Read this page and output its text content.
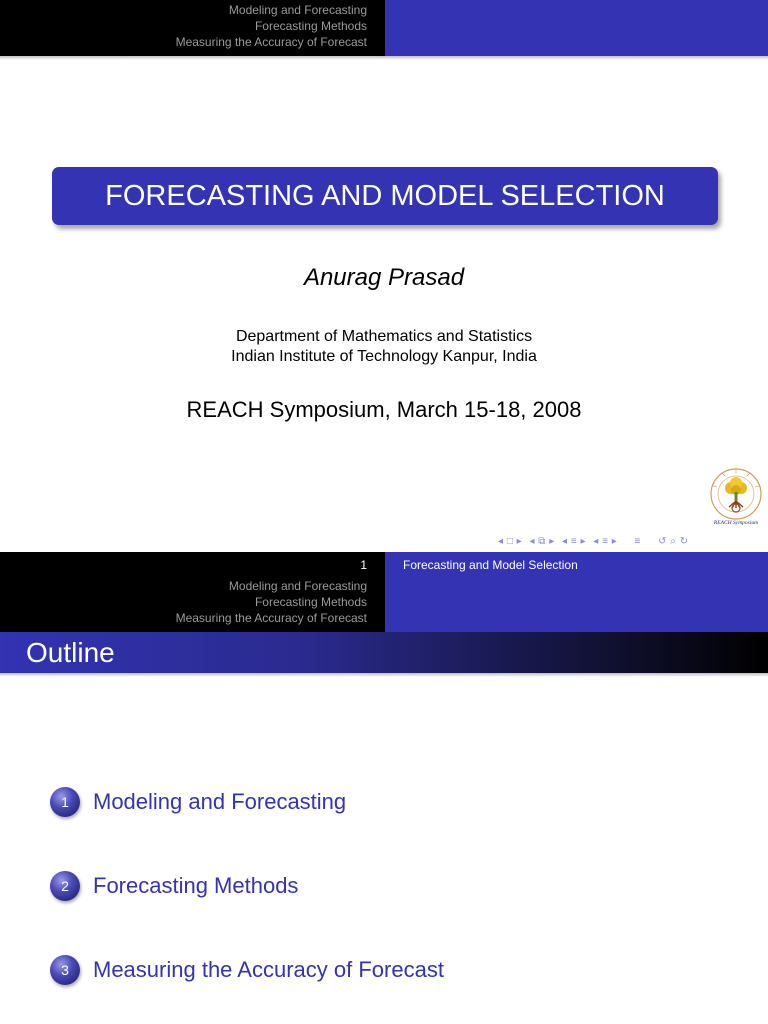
Modeling and Forecasting
Forecasting Methods
Measuring the Accuracy of Forecast
FORECASTING AND MODEL SELECTION
Anurag Prasad
Department of Mathematics and Statistics
Indian Institute of Technology Kanpur, India
REACH Symposium, March 15-18, 2008
REACH Symposium
◂ □ ▸ ◂ ⧉ ▸ ◂ ≡ ▸ ◂ ≡ ▸ ≡ ↺ ⌕ ↻
1
Modeling and Forecasting
Forecasting Methods
Measuring the Accuracy of Forecast
Forecasting and Model Selection
Outline
1	Modeling and Forecasting
2	Forecasting Methods
3	Measuring the Accuracy of Forecast
